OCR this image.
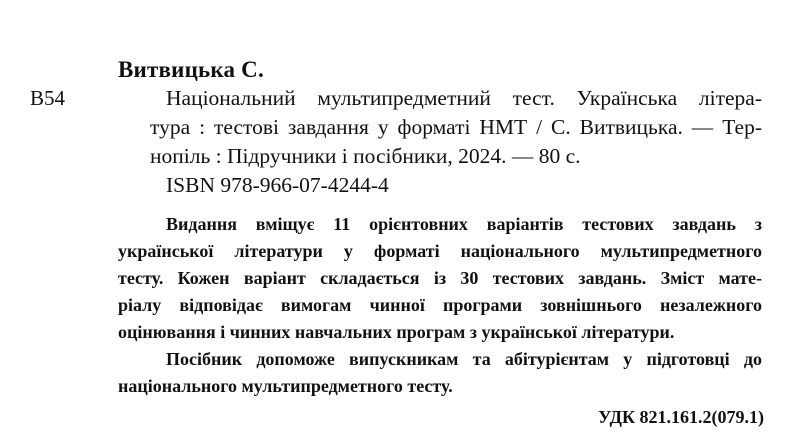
Витвицька С.
В54	Національний мультипредметний тест. Українська літера-
тура : тестові завдання у форматі НМТ / С. Витвицька. — Тер-
нопіль : Підручники і посібники, 2024. — 80 с.
ISBN 978-966-07-4244-4
Видання вміщує 11 орієнтовних варіантів тестових завдань з
української літератури у форматі національного мультипредметного
тесту. Кожен варіант складається із 30 тестових завдань. Зміст мате-
ріалу відповідає вимогам чинної програми зовнішнього незалежного
оцінювання і чинних навчальних програм з української літератури.
Посібник допоможе випускникам та абітурієнтам у підготовці до
національного мультипредметного тесту.
УДК 821.161.2(079.1)
